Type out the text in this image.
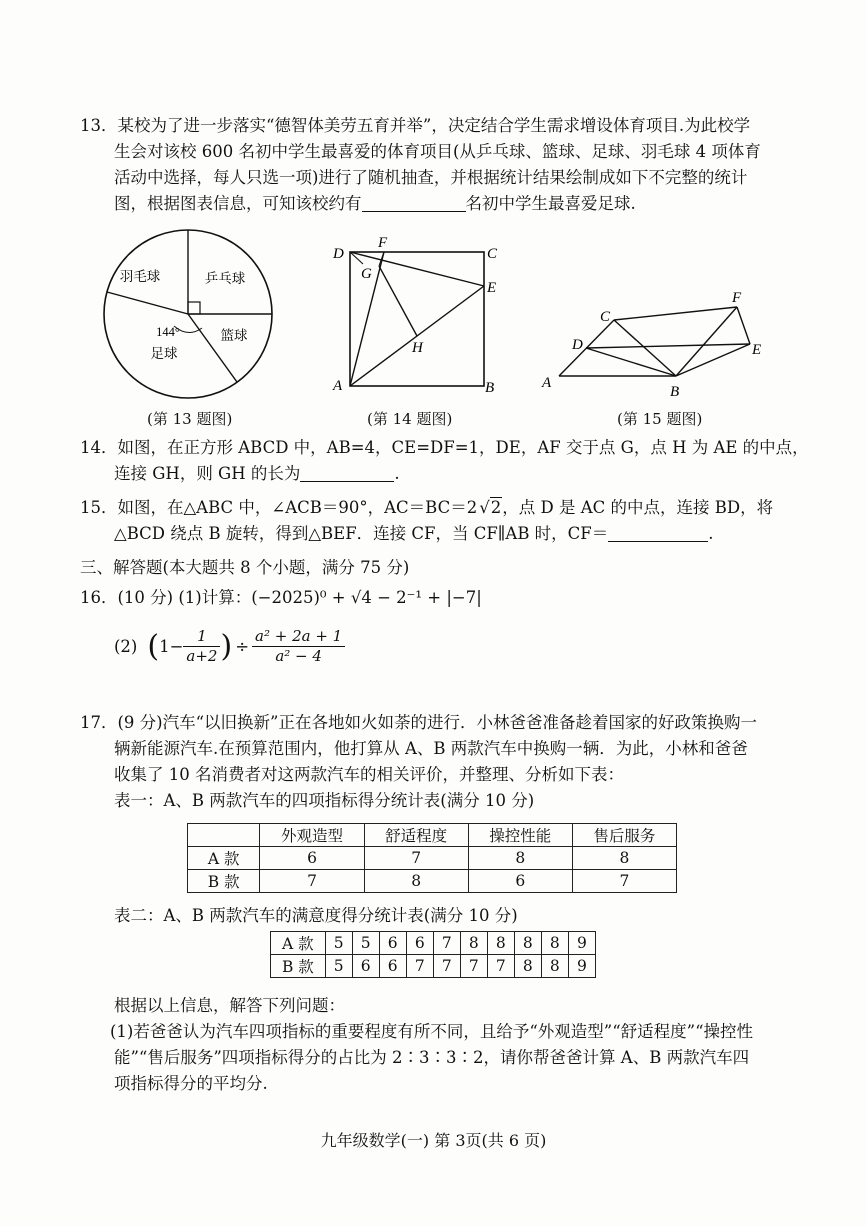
13．某校为了进一步落实“德智体美劳五育并举”，决定结合学生需求增设体育项目.为此校学
生会对该校 600 名初中学生最喜爱的体育项目(从乒乓球、篮球、足球、羽毛球 4 项体育
活动中选择，每人只选一项)进行了随机抽查，并根据统计结果绘制成如下不完整的统计
图，根据图表信息，可知该校约有	名初中学生最喜爱足球.
羽毛球	乒乓球
篮球
足球
144°
(第 13 题图)
D
F
C
G
E
H
A	B
(第 14 题图)
C
F
D	E
A
B
(第 15 题图)
14．如图，在正方形 ABCD 中，AB=4，CE=DF=1，DE，AF 交于点 G，点 H 为 AE 的中点，
连接 GH，则 GH 的长为	.
15．如图，在△ABC 中，∠ACB＝90°，AC＝BC＝2 √2，点 D 是 AC 的中点，连接 BD，将
△BCD 绕点 B 旋转，得到△BEF．连接 CF，当 CF∥AB 时，CF＝	.
三、解答题(本大题共 8 个小题，满分 75 分)
16．(10 分) (1)计算：(−2025)⁰ + √4 − 2⁻¹ + |−7|
(2) ( $1- \frac{1}{a+2}$ ) ÷ $\frac{\text{a² + 2a + 1}}{\text{a² − 4}}$
17．(9 分)汽车“以旧换新”正在各地如火如荼的进行．小林爸爸准备趁着国家的好政策换购一
辆新能源汽车.在预算范围内，他打算从 A、B 两款汽车中换购一辆．为此，小林和爸爸
收集了 10 名消费者对这两款汽车的相关评价，并整理、分析如下表：
表一：A、B 两款汽车的四项指标得分统计表(满分 10 分)
	外观造型	舒适程度	操控性能	售后服务
A 款	6	7	8	8
B 款	7	8	6	7
表二：A、B 两款汽车的满意度得分统计表(满分 10 分)
A 款	5	5	6	6	7	8	8	8	8	9
B 款	5	6	6	7	7	7	7	8	8	9
根据以上信息，解答下列问题：
(1)若爸爸认为汽车四项指标的重要程度有所不同，且给予“外观造型”“舒适程度”“操控性
能”“售后服务”四项指标得分的占比为 2∶3∶3∶2，请你帮爸爸计算 A、B 两款汽车四
项指标得分的平均分.
九年级数学(一) 第 3页(共 6 页)
